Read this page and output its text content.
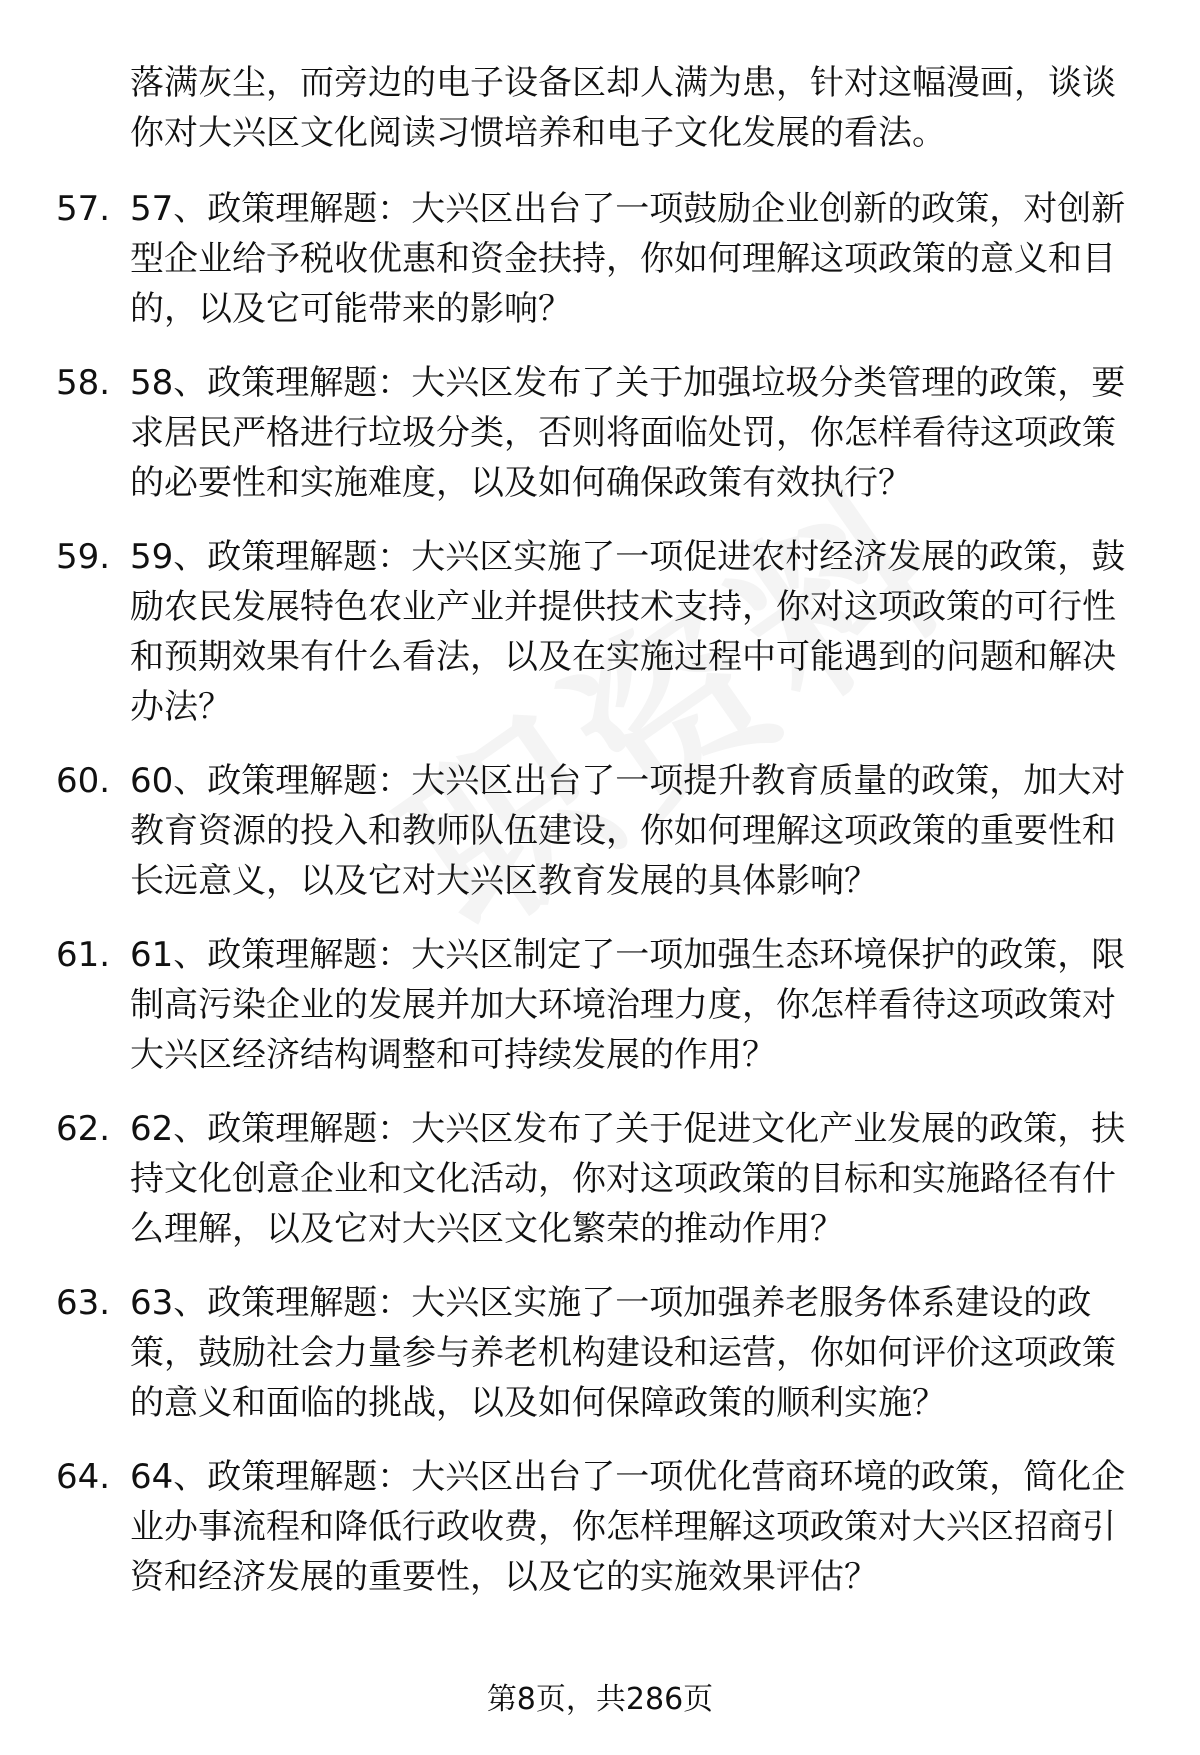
落满灰尘，而旁边的电子设备区却人满为患，针对这幅漫画，谈谈你对大兴区文化阅读习惯培养和电子文化发展的看法。
57. 57、政策理解题：大兴区出台了一项鼓励企业创新的政策，对创新型企业给予税收优惠和资金扶持，你如何理解这项政策的意义和目的，以及它可能带来的影响？
58. 58、政策理解题：大兴区发布了关于加强垃圾分类管理的政策，要求居民严格进行垃圾分类，否则将面临处罚，你怎样看待这项政策的必要性和实施难度，以及如何确保政策有效执行？
59. 59、政策理解题：大兴区实施了一项促进农村经济发展的政策，鼓励农民发展特色农业产业并提供技术支持，你对这项政策的可行性和预期效果有什么看法，以及在实施过程中可能遇到的问题和解决办法？
60. 60、政策理解题：大兴区出台了一项提升教育质量的政策，加大对教育资源的投入和教师队伍建设，你如何理解这项政策的重要性和长远意义，以及它对大兴区教育发展的具体影响？
61. 61、政策理解题：大兴区制定了一项加强生态环境保护的政策，限制高污染企业的发展并加大环境治理力度，你怎样看待这项政策对大兴区经济结构调整和可持续发展的作用？
62. 62、政策理解题：大兴区发布了关于促进文化产业发展的政策，扶持文化创意企业和文化活动，你对这项政策的目标和实施路径有什么理解，以及它对大兴区文化繁荣的推动作用？
63. 63、政策理解题：大兴区实施了一项加强养老服务体系建设的政策，鼓励社会力量参与养老机构建设和运营，你如何评价这项政策的意义和面临的挑战，以及如何保障政策的顺利实施？
64. 64、政策理解题：大兴区出台了一项优化营商环境的政策，简化企业办事流程和降低行政收费，你怎样理解这项政策对大兴区招商引资和经济发展的重要性，以及它的实施效果评估？
第8页，共286页
